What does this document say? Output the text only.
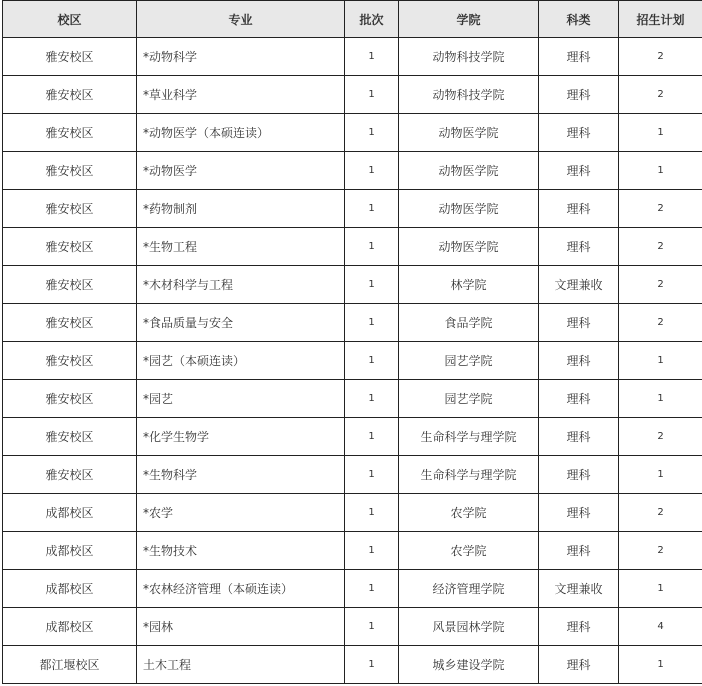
校区	专业	批次	学院	科类	招生计划
雅安校区	*动物科学	1	动物科技学院	理科	2
雅安校区	*草业科学	1	动物科技学院	理科	2
雅安校区	*动物医学（本硕连读）	1	动物医学院	理科	1
雅安校区	*动物医学	1	动物医学院	理科	1
雅安校区	*药物制剂	1	动物医学院	理科	2
雅安校区	*生物工程	1	动物医学院	理科	2
雅安校区	*木材科学与工程	1	林学院	文理兼收	2
雅安校区	*食品质量与安全	1	食品学院	理科	2
雅安校区	*园艺（本硕连读）	1	园艺学院	理科	1
雅安校区	*园艺	1	园艺学院	理科	1
雅安校区	*化学生物学	1	生命科学与理学院	理科	2
雅安校区	*生物科学	1	生命科学与理学院	理科	1
成都校区	*农学	1	农学院	理科	2
成都校区	*生物技术	1	农学院	理科	2
成都校区	*农林经济管理（本硕连读）	1	经济管理学院	文理兼收	1
成都校区	*园林	1	风景园林学院	理科	4
都江堰校区	土木工程	1	城乡建设学院	理科	1
